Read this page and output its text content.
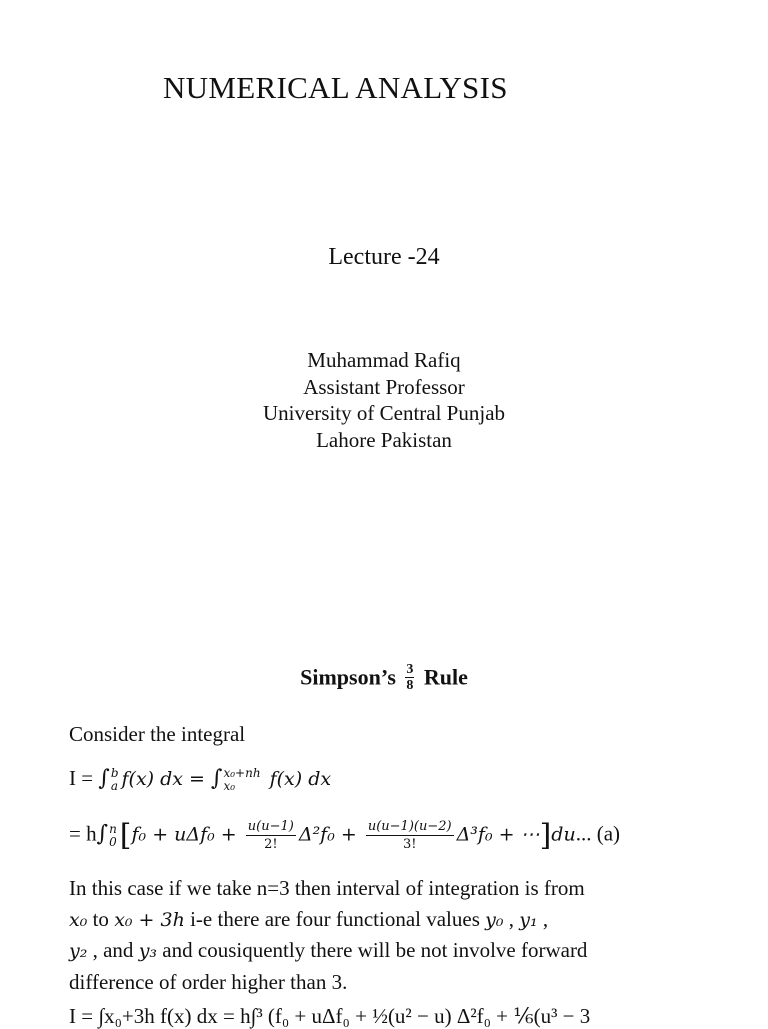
NUMERICAL ANALYSIS
Lecture -24
Muhammad Rafiq
Assistant Professor
University of Central Punjab
Lahore Pakistan
Simpson’s $\frac{3}{8}$ Rule
Consider the integral
I = ∫ b
a f(x) dx = ∫ x₀+nh
x₀	f(x) dx
= h∫ n
0 [$f_0 + u\Delta f_0 + \frac{u(u-1)}{2!} \Delta^2f_0 + \frac{u(u-1)(u-2)}{3!} \Delta^3f_0$ + ⋯]du... (a)
In this case if we take n=3 then interval of integration is from
x₀ to x₀ + 3h i-e there are four functional values y₀ , y₁ ,
y₂ , and y₃ and cousiquently there will be not involve forward
difference of order higher than 3.
I = ∫x₀+3h f(x) dx = h∫³ (f₀ + uΔf₀ + ½(u² − u) Δ²f₀ + ⅙(u³ − 3
